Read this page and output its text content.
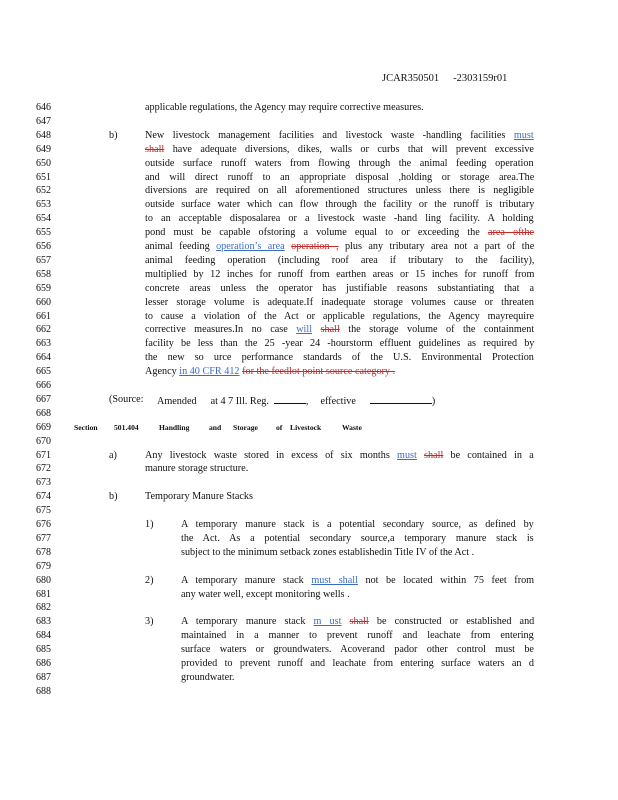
JCAR350501 -2303159r01
646	applicable regulations, the Agency may require corrective measures.
647
648	b)	New livestock management facilities and livestock waste -handling facilities must
649	shall have adequate diversions, dikes, walls or curbs that will prevent excessive
650	outside surface runoff waters from flowing through the animal feeding operation
651	and will direct runoff to an appropriate disposal ,holding or storage area.The
652	diversions are required on all aforementioned structures unless there is negligible
653	outside surface water which can flow through the facility or the runoff is tributary
654	to an acceptable disposalarea or a livestock waste -hand ling facility. A holding
655	pond must be capable ofstoring a volume equal to or exceeding the area ofthe
656	animal feeding operation’s area operation , plus any tributary area not a part of the
657	animal feeding operation (including roof area if tributary to the facility),
658	multiplied by 12 inches for runoff from earthen areas or 15 inches for runoff from
659	concrete areas unless the operator has justifiable reasons substantiating that a
660	lesser storage volume is adequate.If inadequate storage volumes cause or threaten
661	to cause a violation of the Act or applicable regulations, the Agency mayrequire
662	corrective measures.In no case will shall the storage volume of the containment
663	facility be less than the 25 -year 24 -hourstorm effluent guidelines as required by
664	the new so urce performance standards of the U.S. Environmental Protection
665	Agency in 40 CFR 412 for the feedlot point source category .
666
667	(Source: Amended at 4 7 Ill. Reg.	, effective	)
668
669	Section 501.404	Handling	and Storage of Livestock	Waste
670
671	a)	Any livestock waste stored in excess of six months must shall be contained in a
672	manure storage structure.
673
674	b)	Temporary Manure Stacks
675
676	1)	A temporary manure stack is a potential secondary source, as defined by
677	the Act. As a potential secondary source,a temporary manure stack is
678	subject to the minimum setback zones establishedin Title IV of the Act .
679
680	2)	A temporary manure stack must shall not be located within 75 feet from
681	any water well, except monitoring wells .
682
683	3)	A temporary manure stack m ust shall be constructed or established and
684	maintained in a manner to prevent runoff and leachate from entering
685	surface waters or groundwaters. Acoverand pador other control must be
686	provided to prevent runoff and leachate from entering surface waters an d
687	groundwater.
688
